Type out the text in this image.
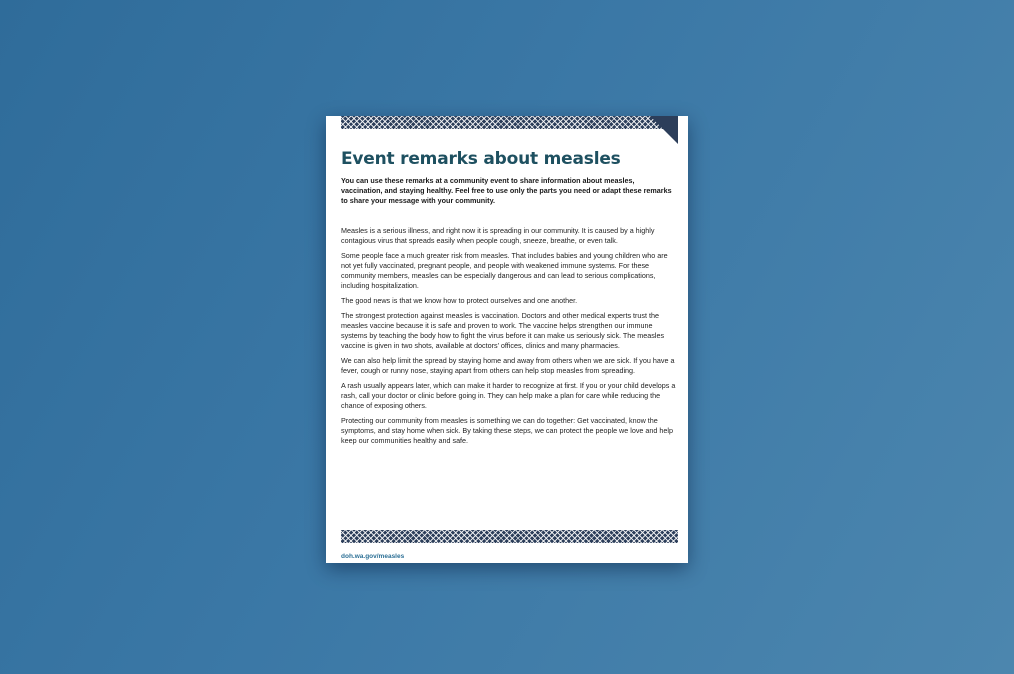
Event remarks about measles

You can use these remarks at a community event to share information about measles, vaccination, and staying healthy. Feel free to use only the parts you need or adapt these remarks to share your message with your community.

Measles is a serious illness, and right now it is spreading in our community. It is caused by a highly contagious virus that spreads easily when people cough, sneeze, breathe, or even talk.

Some people face a much greater risk from measles. That includes babies and young children who are not yet fully vaccinated, pregnant people, and people with weakened immune systems. For these community members, measles can be especially dangerous and can lead to serious complications, including hospitalization.

The good news is that we know how to protect ourselves and one another.

The strongest protection against measles is vaccination. Doctors and other medical experts trust the measles vaccine because it is safe and proven to work. The vaccine helps strengthen our immune systems by teaching the body how to fight the virus before it can make us seriously sick. The measles vaccine is given in two shots, available at doctors’ offices, clinics and many pharmacies.

We can also help limit the spread by staying home and away from others when we are sick. If you have a fever, cough or runny nose, staying apart from others can help stop measles from spreading.

A rash usually appears later, which can make it harder to recognize at first. If you or your child develops a rash, call your doctor or clinic before going in. They can help make a plan for care while reducing the chance of exposing others.

Protecting our community from measles is something we can do together: Get vaccinated, know the symptoms, and stay home when sick. By taking these steps, we can protect the people we love and help keep our communities healthy and safe.

doh.wa.gov/measles
